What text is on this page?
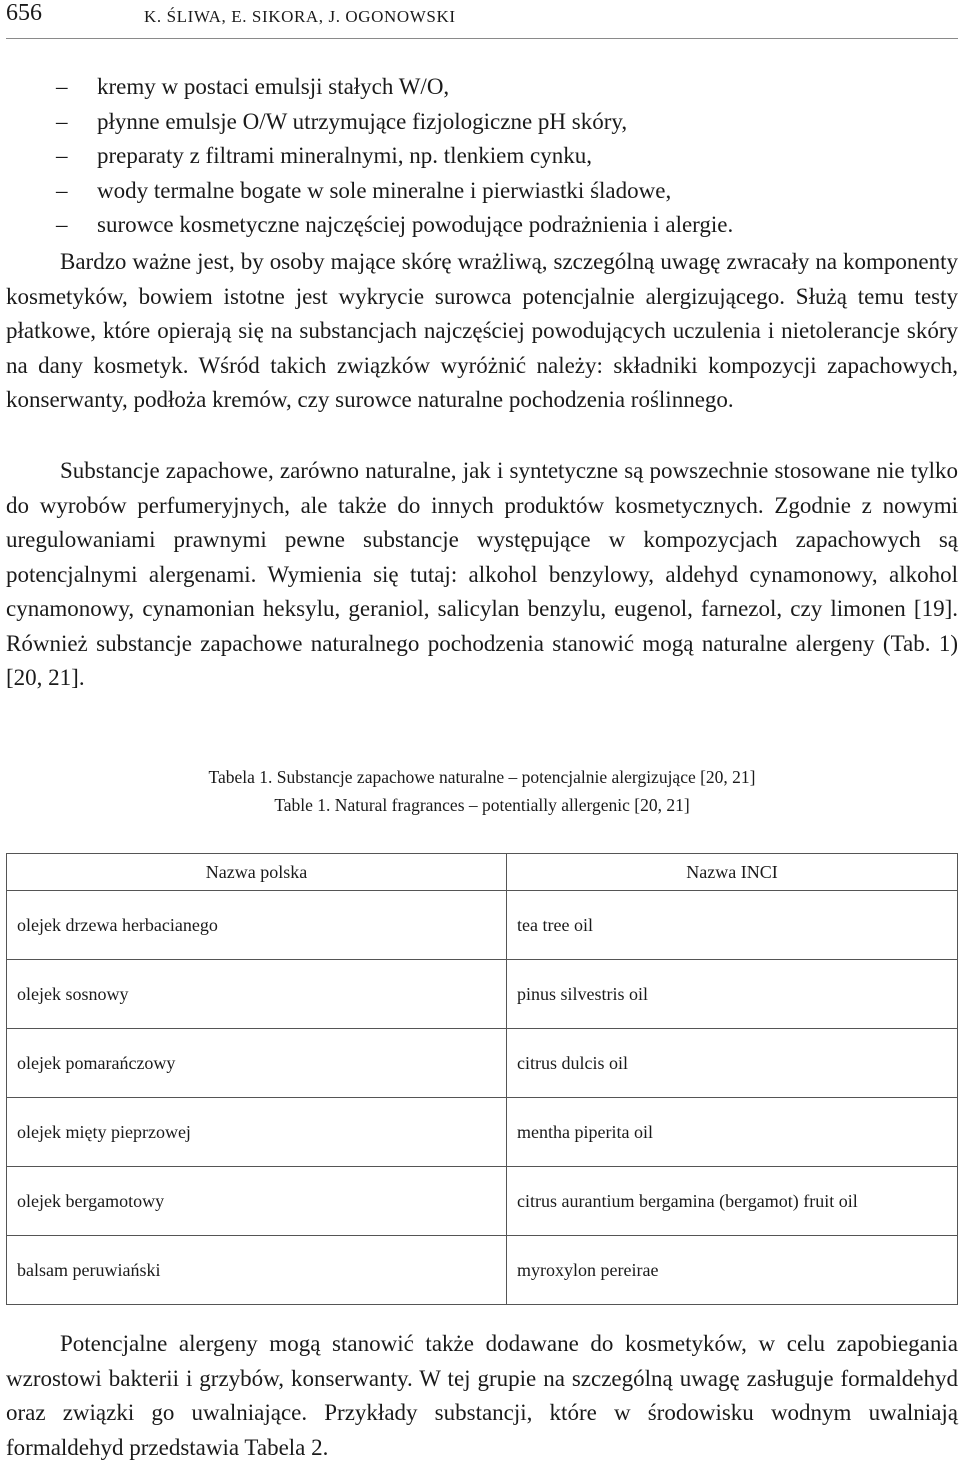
656	K. ŚLIWA, E. SIKORA, J. OGONOWSKI
– kremy w postaci emulsji stałych W/O,
– płynne emulsje O/W utrzymujące fizjologiczne pH skóry,
– preparaty z filtrami mineralnymi, np. tlenkiem cynku,
– wody termalne bogate w sole mineralne i pierwiastki śladowe,
– surowce kosmetyczne najczęściej powodujące podrażnienia i alergie.

Bardzo ważne jest, by osoby mające skórę wrażliwą, szczególną uwagę zwracały na komponenty kosmetyków, bowiem istotne jest wykrycie surowca potencjalnie alergizującego. Służą temu testy płatkowe, które opierają się na substancjach najczęściej powodujących uczulenia i nietolerancje skóry na dany kosmetyk. Wśród takich związków wyróżnić należy: składniki kompozycji zapachowych, konserwanty, podłoża kremów, czy surowce naturalne pochodzenia roślinnego.

Substancje zapachowe, zarówno naturalne, jak i syntetyczne są powszechnie stosowane nie tylko do wyrobów perfumeryjnych, ale także do innych produktów kosmetycznych. Zgodnie z nowymi uregulowaniami prawnymi pewne substancje występujące w kompozycjach zapachowych są potencjalnymi alergenami. Wymienia się tutaj: alkohol benzylowy, aldehyd cynamonowy, alkohol cynamonowy, cynamonian heksylu, geraniol, salicylan benzylu, eugenol, farnezol, czy limonen [19]. Również substancje zapachowe naturalnego pochodzenia stanowić mogą naturalne alergeny (Tab. 1) [20, 21].

Tabela 1. Substancje zapachowe naturalne – potencjalnie alergizujące [20, 21]

Table 1. Natural fragrances – potentially allergenic [20, 21]

Nazwa polska	Nazwa INCI
olejek drzewa herbacianego	tea tree oil
olejek sosnowy	pinus silvestris oil
olejek pomarańczowy	citrus dulcis oil
olejek mięty pieprzowej	mentha piperita oil
olejek bergamotowy	citrus aurantium bergamina (bergamot) fruit oil
balsam peruwiański	myroxylon pereirae

Potencjalne alergeny mogą stanowić także dodawane do kosmetyków, w celu zapobiegania wzrostowi bakterii i grzybów, konserwanty. W tej grupie na szczególną uwagę zasługuje formaldehyd oraz związki go uwalniające. Przykłady substancji, które w środowisku wodnym uwalniają formaldehyd przedstawia Tabela 2.
